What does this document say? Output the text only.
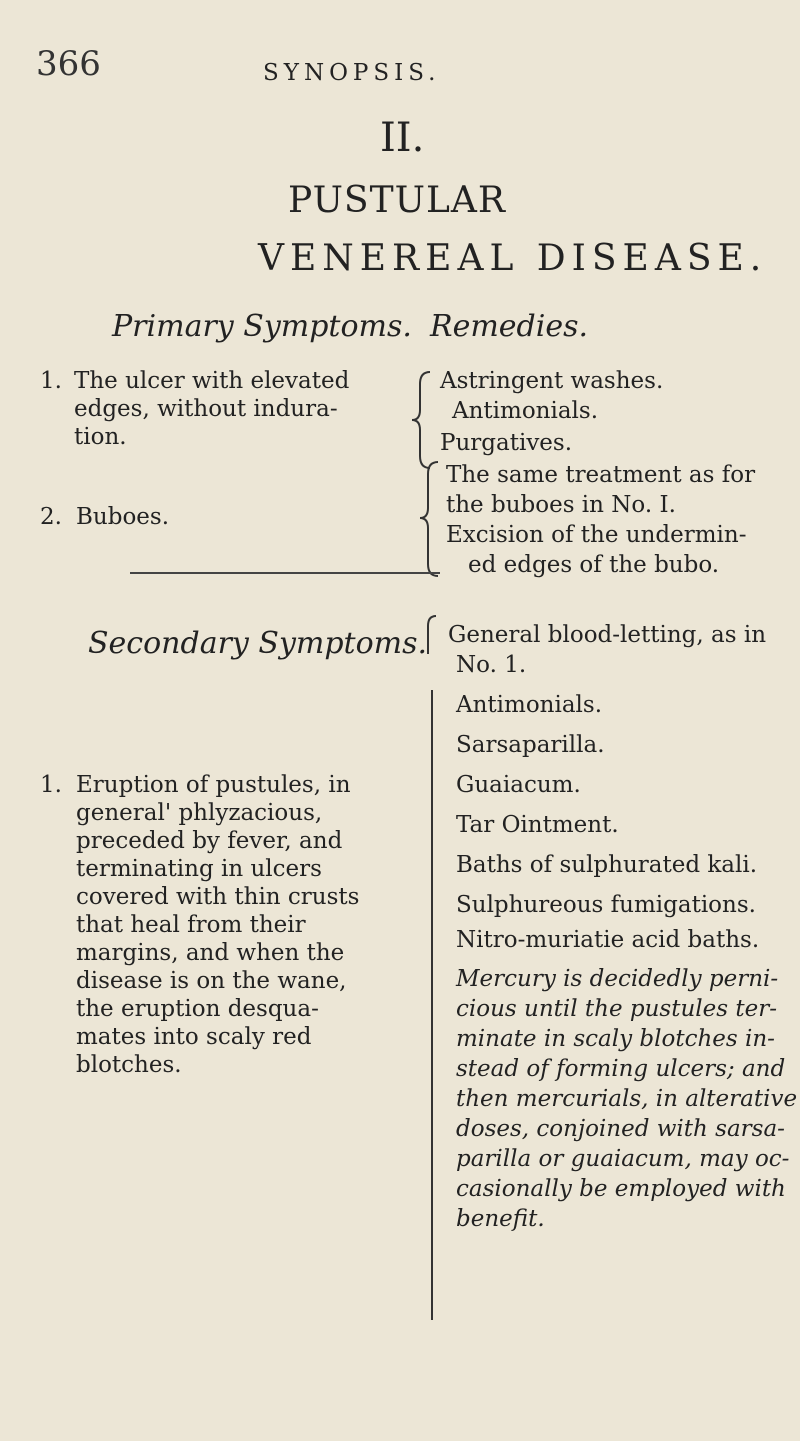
366	SYNOPSIS.
II.
PUSTULAR
VENEREAL DISEASE.
Primary Symptoms. Remedies.
1. The ulcer with elevated
edges, without indura-
tion.
Astringent washes.
Antimonials.
Purgatives.
2. Buboes.
The same treatment as for
the buboes in No. I.
Excision of the undermin-
ed edges of the bubo.
Secondary Symptoms. General blood-letting, as in
No. 1.
Antimonials.
Sarsaparilla.
Guaiacum.
Tar Ointment.
Baths of sulphurated kali.
Sulphureous fumigations.
Nitro-muriatie acid baths.
1. Eruption of pustules, in
general' phlyzacious,
preceded by fever, and
terminating in ulcers
covered with thin crusts
that heal from their
margins, and when the
disease is on the wane,
the eruption desqua-
mates into scaly red
blotches.
Mercury is decidedly perni-
cious until the pustules ter-
minate in scaly blotches in-
stead of forming ulcers; and
then mercurials, in alterative
doses, conjoined with sarsa-
parilla or guaiacum, may oc-
casionally be employed with
benefit.
